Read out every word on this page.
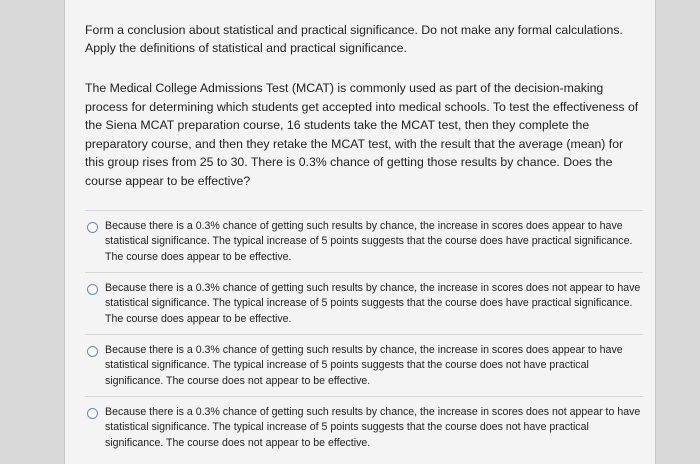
Form a conclusion about statistical and practical significance. Do not make any formal calculations. Apply the definitions of statistical and practical significance.
The Medical College Admissions Test (MCAT) is commonly used as part of the decision-making process for determining which students get accepted into medical schools. To test the effectiveness of the Siena MCAT preparation course, 16 students take the MCAT test, then they complete the preparatory course, and then they retake the MCAT test, with the result that the average (mean) for this group rises from 25 to 30. There is 0.3% chance of getting those results by chance. Does the course appear to be effective?
Because there is a 0.3% chance of getting such results by chance, the increase in scores does appear to have statistical significance. The typical increase of 5 points suggests that the course does have practical significance. The course does appear to be effective.
Because there is a 0.3% chance of getting such results by chance, the increase in scores does not appear to have statistical significance. The typical increase of 5 points suggests that the course does have practical significance. The course does appear to be effective.
Because there is a 0.3% chance of getting such results by chance, the increase in scores does appear to have statistical significance. The typical increase of 5 points suggests that the course does not have practical significance. The course does not appear to be effective.
Because there is a 0.3% chance of getting such results by chance, the increase in scores does not appear to have statistical significance. The typical increase of 5 points suggests that the course does not have practical significance. The course does not appear to be effective.
